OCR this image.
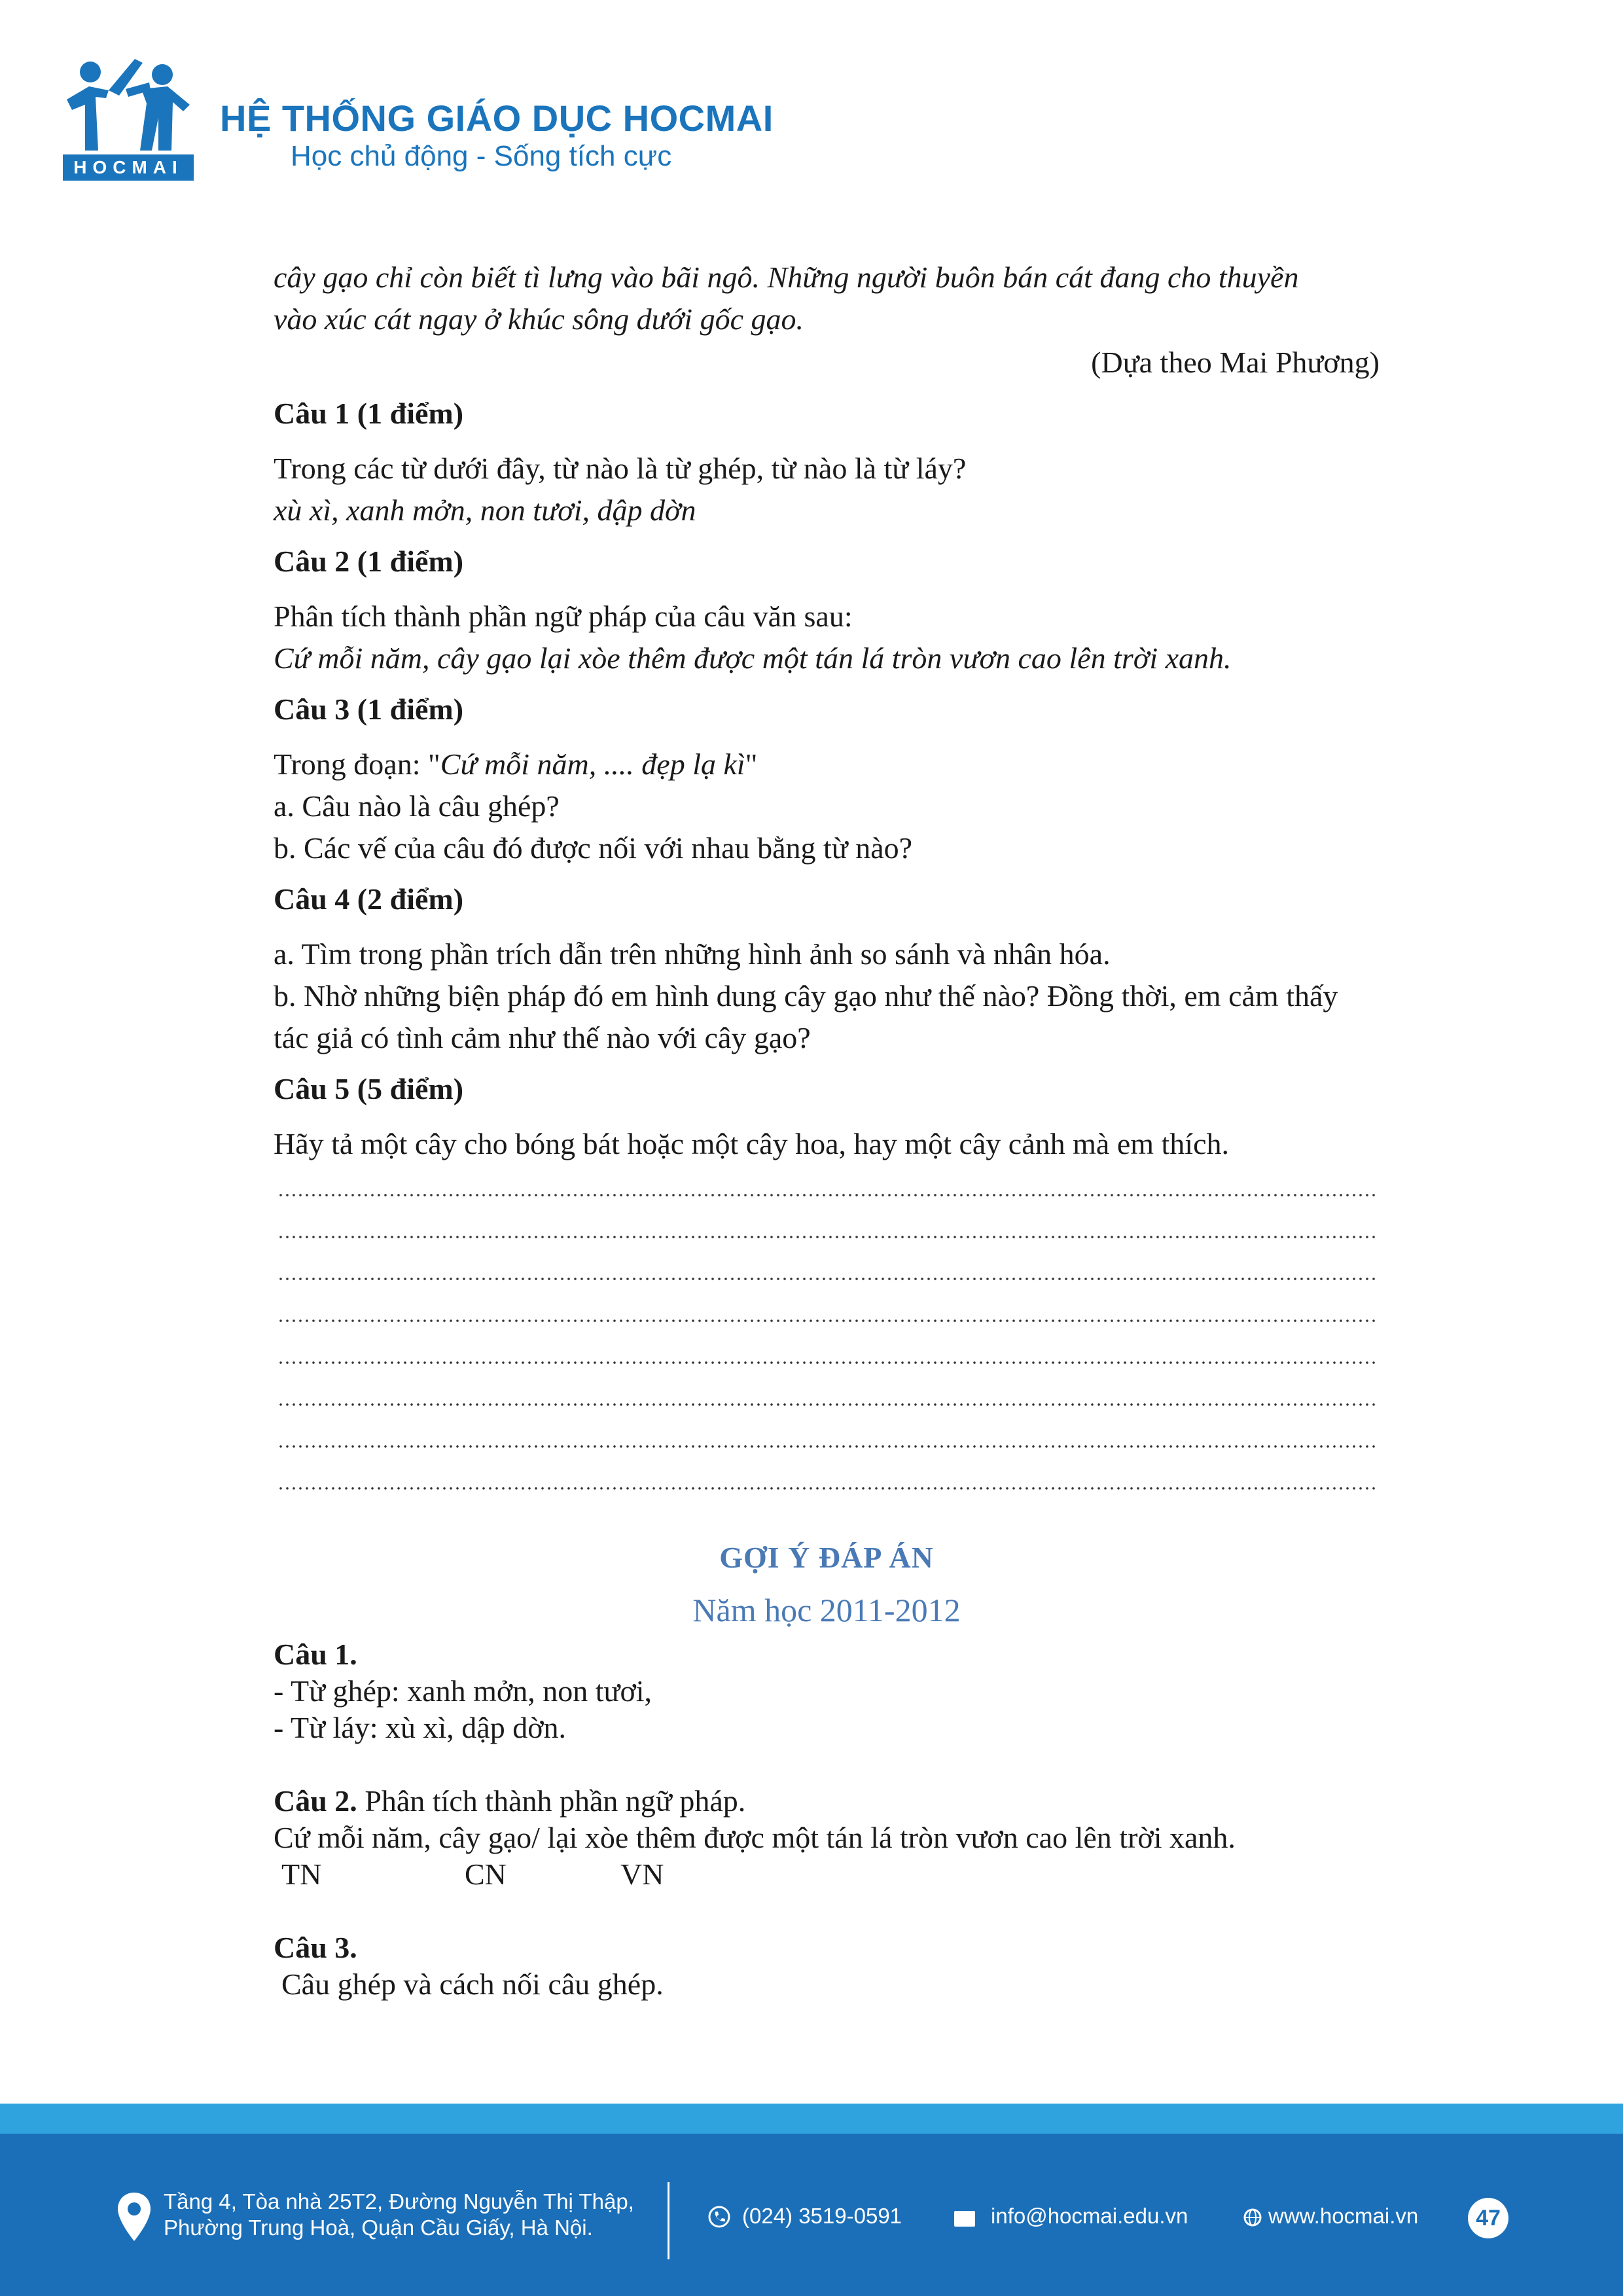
HOCMAI
HỆ THỐNG GIÁO DỤC HOCMAI
Học chủ động - Sống tích cực
cây gạo chỉ còn biết tì lưng vào bãi ngô. Những người buôn bán cát đang cho thuyền
vào xúc cát ngay ở khúc sông dưới gốc gạo.
(Dựa theo Mai Phương)
Câu 1 (1 điểm)
Trong các từ dưới đây, từ nào là từ ghép, từ nào là từ láy?
xù xì, xanh mởn, non tươi, dập dờn
Câu 2 (1 điểm)
Phân tích thành phần ngữ pháp của câu văn sau:
Cứ mỗi năm, cây gạo lại xòe thêm được một tán lá tròn vươn cao lên trời xanh.
Câu 3 (1 điểm)
Trong đoạn: "Cứ mỗi năm, .... đẹp lạ kì"
a. Câu nào là câu ghép?
b. Các vế của câu đó được nối với nhau bằng từ nào?
Câu 4 (2 điểm)
a. Tìm trong phần trích dẫn trên những hình ảnh so sánh và nhân hóa.
b. Nhờ những biện pháp đó em hình dung cây gạo như thế nào? Đồng thời, em cảm thấy
tác giả có tình cảm như thế nào với cây gạo?
Câu 5 (5 điểm)
Hãy tả một cây cho bóng bát hoặc một cây hoa, hay một cây cảnh mà em thích.
GỢI Ý ĐÁP ÁN
Năm học 2011-2012
Câu 1.
- Từ ghép: xanh mởn, non tươi,
- Từ láy: xù xì, dập dờn.
Câu 2. Phân tích thành phần ngữ pháp.
Cứ mỗi năm, cây gạo/ lại xòe thêm được một tán lá tròn vươn cao lên trời xanh.
TN	CN	VN
Câu 3.
Câu ghép và cách nối câu ghép.
Tầng 4, Tòa nhà 25T2, Đường Nguyễn Thị Thập,
Phường Trung Hoà, Quận Cầu Giấy, Hà Nội.	(024) 3519-0591	info@hocmai.edu.vn	www.hocmai.vn	47
